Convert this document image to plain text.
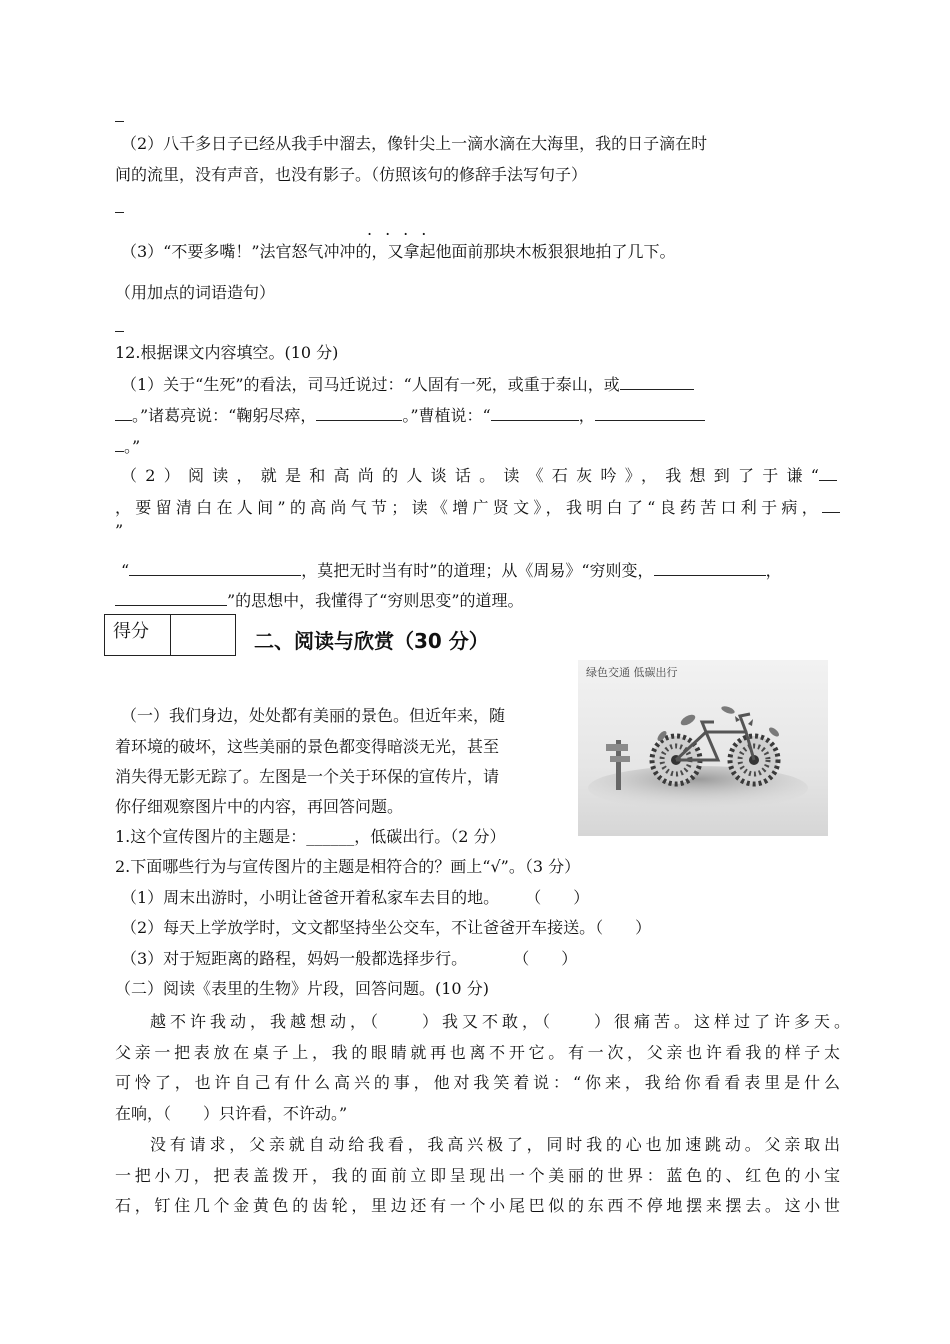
（2）八千多日子已经从我手中溜去，像针尖上一滴水滴在大海里，我的日子滴在时
间的流里，没有声音，也没有影子。（仿照该句的修辞手法写句子）
....
（3）“不要多嘴！”法官怒气冲冲的，又拿起他面前那块木板狠狠地拍了几下。
（用加点的词语造句）
12.根据课文内容填空。(10 分)
（1）关于“生死”的看法，司马迁说过：“人固有一死，或重于泰山，或
。”诸葛亮说：“鞠躬尽瘁，	。”曹植说：“	，
。”
（2）阅读，就是和高尚的人谈话。读《石灰吟》，我想到了于谦“
，要留清白在人间”的高尚气节；读《增广贤文》，我明白了“良药苦口利于病，
”
“	，莫把无时当有时”的道理；从《周易》“穷则变，	，
”的思想中，我懂得了“穷则思变”的道理。
得分	二、阅读与欣赏（30 分）
绿色交通 低碳出行
（一）我们身边，处处都有美丽的景色。但近年来，随
着环境的破坏，这些美丽的景色都变得暗淡无光，甚至
消失得无影无踪了。左图是一个关于环保的宣传片，请
你仔细观察图片中的内容，再回答问题。
1.这个宣传图片的主题是：______，低碳出行。（2 分）
2.下面哪些行为与宣传图片的主题是相符合的？画上“√”。（3 分）
（1）周末出游时，小明让爸爸开着私家车去目的地。 （　　）
（2）每天上学放学时，文文都坚持坐公交车，不让爸爸开车接送。（　　）
（3）对于短距离的路程，妈妈一般都选择步行。	（　　）
（二）阅读《表里的生物》片段，回答问题。(10 分)
越不许我动，我越想动，（　　）我又不敢，（　　）很痛苦。这样过了许多天。
父亲一把表放在桌子上，我的眼睛就再也离不开它。有一次，父亲也许看我的样子太
可怜了，也许自己有什么高兴的事，他对我笑着说：“你来，我给你看看表里是什么
在响，（　　）只许看，不许动。”
没有请求，父亲就自动给我看，我高兴极了，同时我的心也加速跳动。父亲取出
一把小刀，把表盖拨开，我的面前立即呈现出一个美丽的世界：蓝色的、红色的小宝
石，钉住几个金黄色的齿轮，里边还有一个小尾巴似的东西不停地摆来摆去。这小世
